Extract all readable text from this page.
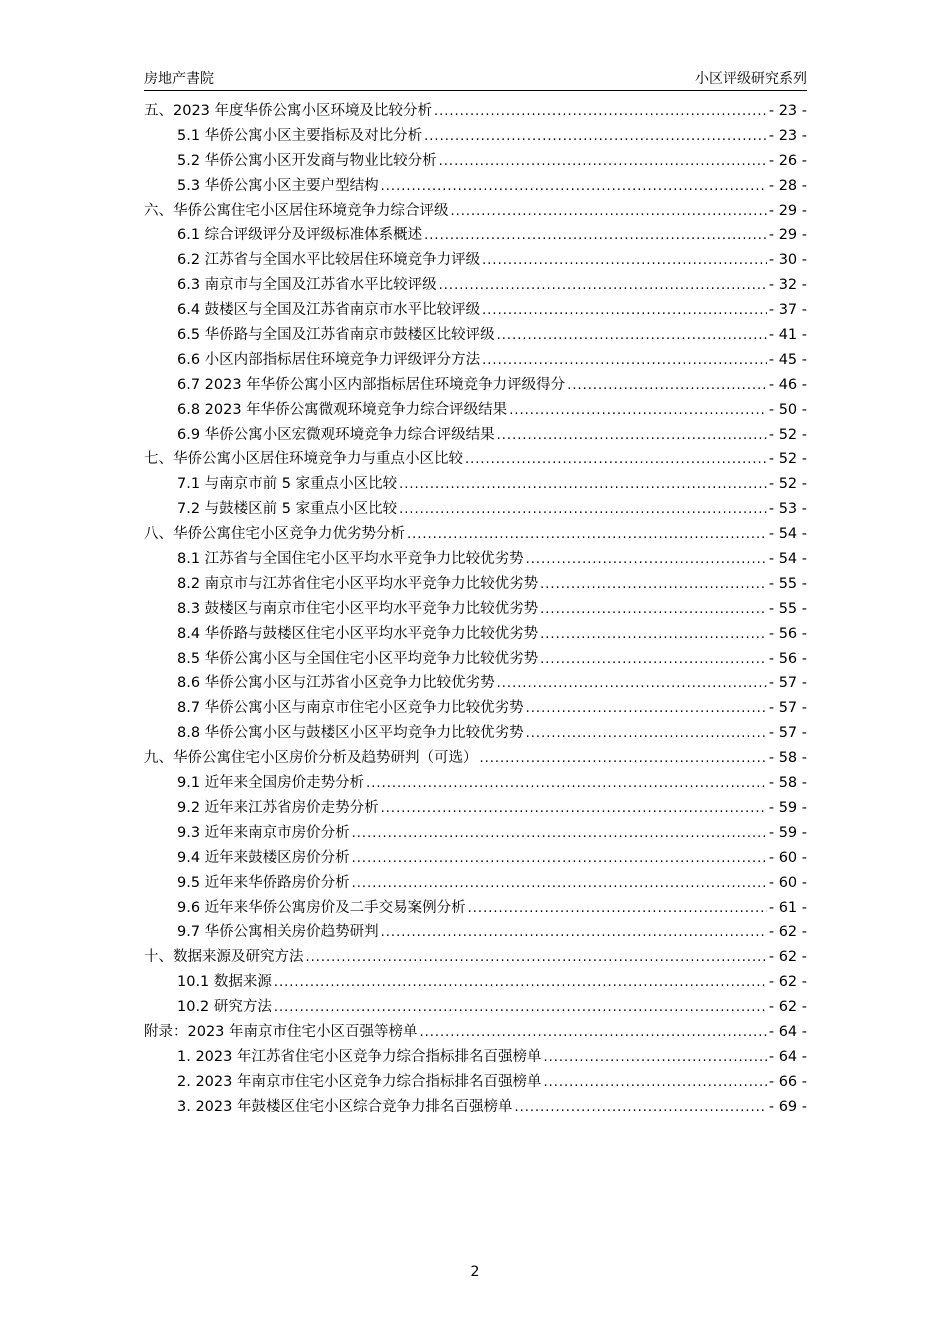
房地产書院	小区评级研究系列
五、2023 年度华侨公寓小区环境及比较分析 .....	- 23 -
5.1 华侨公寓小区主要指标及对比分析 .....	- 23 -
5.2 华侨公寓小区开发商与物业比较分析 .....	- 26 -
5.3 华侨公寓小区主要户型结构 .....	- 28 -
六、华侨公寓住宅小区居住环境竞争力综合评级 .....	- 29 -
6.1 综合评级评分及评级标准体系概述 .....	- 29 -
6.2 江苏省与全国水平比较居住环境竞争力评级 .....	- 30 -
6.3 南京市与全国及江苏省水平比较评级 .....	- 32 -
6.4 鼓楼区与全国及江苏省南京市水平比较评级 .....	- 37 -
6.5 华侨路与全国及江苏省南京市鼓楼区比较评级 .....	- 41 -
6.6 小区内部指标居住环境竞争力评级评分方法 .....	- 45 -
6.7 2023 年华侨公寓小区内部指标居住环境竞争力评级得分 .....	- 46 -
6.8 2023 年华侨公寓微观环境竞争力综合评级结果 .....	- 50 -
6.9 华侨公寓小区宏微观环境竞争力综合评级结果 .....	- 52 -
七、华侨公寓小区居住环境竞争力与重点小区比较 .....	- 52 -
7.1 与南京市前 5 家重点小区比较 .....	- 52 -
7.2 与鼓楼区前 5 家重点小区比较 .....	- 53 -
八、华侨公寓住宅小区竞争力优劣势分析 .....	- 54 -
8.1 江苏省与全国住宅小区平均水平竞争力比较优劣势 .....	- 54 -
8.2 南京市与江苏省住宅小区平均水平竞争力比较优劣势 .....	- 55 -
8.3 鼓楼区与南京市住宅小区平均水平竞争力比较优劣势 .....	- 55 -
8.4 华侨路与鼓楼区住宅小区平均水平竞争力比较优劣势 .....	- 56 -
8.5 华侨公寓小区与全国住宅小区平均竞争力比较优劣势 .....	- 56 -
8.6 华侨公寓小区与江苏省小区竞争力比较优劣势 .....	- 57 -
8.7 华侨公寓小区与南京市住宅小区竞争力比较优劣势 .....	- 57 -
8.8 华侨公寓小区与鼓楼区小区平均竞争力比较优劣势 .....	- 57 -
九、华侨公寓住宅小区房价分析及趋势研判（可选） .....	- 58 -
9.1 近年来全国房价走势分析 .....	- 58 -
9.2 近年来江苏省房价走势分析 .....	- 59 -
9.3 近年来南京市房价分析 .....	- 59 -
9.4 近年来鼓楼区房价分析 .....	- 60 -
9.5 近年来华侨路房价分析 .....	- 60 -
9.6 近年来华侨公寓房价及二手交易案例分析 .....	- 61 -
9.7 华侨公寓相关房价趋势研判 .....	- 62 -
十、数据来源及研究方法 .....	- 62 -
10.1 数据来源 .....	- 62 -
10.2 研究方法 .....	- 62 -
附录：2023 年南京市住宅小区百强等榜单 .....	- 64 -
1. 2023 年江苏省住宅小区竞争力综合指标排名百强榜单 .....	- 64 -
2. 2023 年南京市住宅小区竞争力综合指标排名百强榜单 .....	- 66 -
3. 2023 年鼓楼区住宅小区综合竞争力排名百强榜单 .....	- 69 -
2
